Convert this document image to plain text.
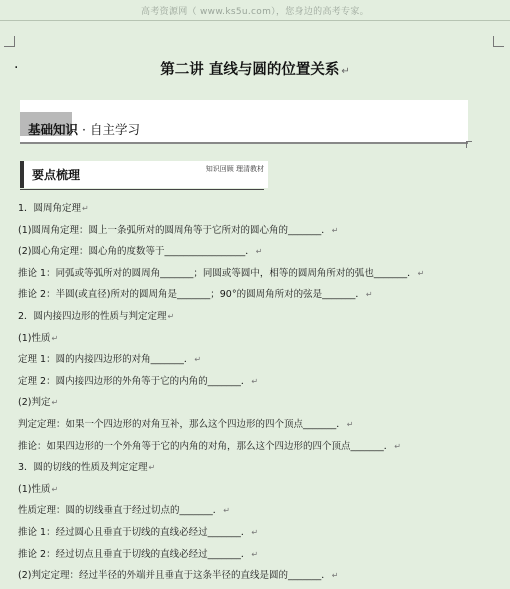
高考资源网（ www.ks5u.com），您身边的高考专家。
·	第二讲 直线与圆的位置关系 ↵
基础知识 · 自主学习
要点梳理	知识回顾 理清教材
1．圆周角定理↵
(1)圆周角定理：圆上一条弧所对的圆周角等于它所对的圆心角的_______．↵
(2)圆心角定理：圆心角的度数等于_________________．↵
推论 1：同弧或等弧所对的圆周角_______；同圆或等圆中，相等的圆周角所对的弧也_______．↵
推论 2：半圆(或直径)所对的圆周角是_______；90°的圆周角所对的弦是_______．↵
2．圆内接四边形的性质与判定定理↵
(1)性质↵
定理 1：圆的内接四边形的对角_______．↵
定理 2：圆内接四边形的外角等于它的内角的_______．↵
(2)判定↵
判定定理：如果一个四边形的对角互补，那么这个四边形的四个顶点_______．↵
推论：如果四边形的一个外角等于它的内角的对角，那么这个四边形的四个顶点_______．↵
3．圆的切线的性质及判定定理↵
(1)性质↵
性质定理：圆的切线垂直于经过切点的_______．↵
推论 1：经过圆心且垂直于切线的直线必经过_______．↵
推论 2：经过切点且垂直于切线的直线必经过_______．↵
(2)判定定理：经过半径的外端并且垂直于这条半径的直线是圆的_______．↵
